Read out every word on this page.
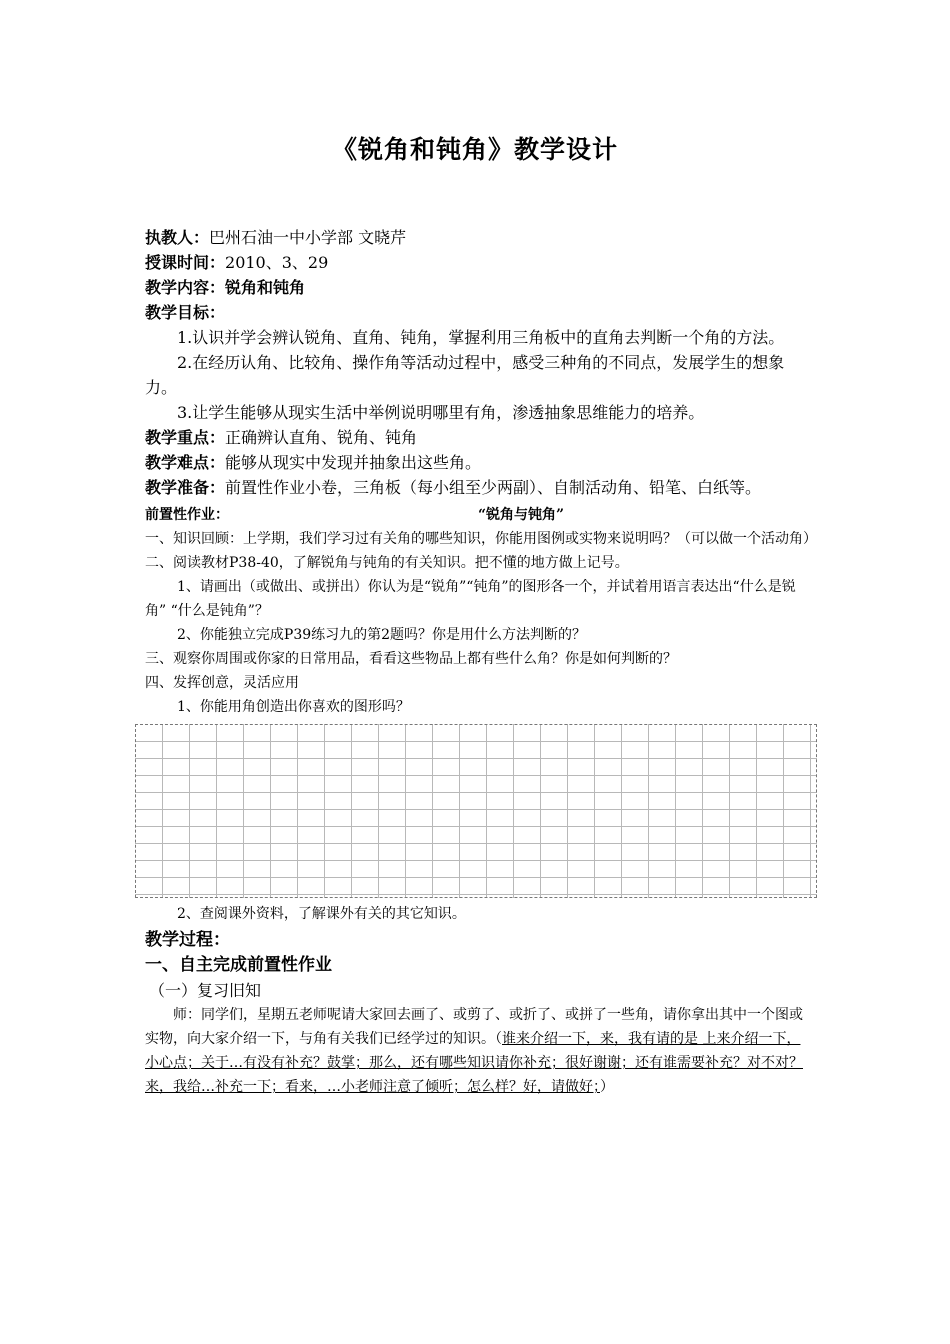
《锐角和钝角》教学设计
执教人：巴州石油一中小学部 文晓芹
授课时间：2010、3、29
教学内容：锐角和钝角
教学目标：
1.认识并学会辨认锐角、直角、钝角，掌握利用三角板中的直角去判断一个角的方法。
2.在经历认角、比较角、操作角等活动过程中，感受三种角的不同点，发展学生的想象力。
3.让学生能够从现实生活中举例说明哪里有角，渗透抽象思维能力的培养。
教学重点：正确辨认直角、锐角、钝角
教学难点：能够从现实中发现并抽象出这些角。
教学准备：前置性作业小卷，三角板（每小组至少两副）、自制活动角、铅笔、白纸等。
前置性作业：	“锐角与钝角”
一、知识回顾：上学期，我们学习过有关角的哪些知识，你能用图例或实物来说明吗？（可以做一个活动角）
二、阅读教材P38-40，了解锐角与钝角的有关知识。把不懂的地方做上记号。
1、请画出（或做出、或拼出）你认为是“锐角”“钝角”的图形各一个，并试着用语言表达出“什么是锐角” “什么是钝角”？
2、你能独立完成P39练习九的第2题吗？你是用什么方法判断的？
三、观察你周围或你家的日常用品，看看这些物品上都有些什么角？你是如何判断的？
四、发挥创意，灵活应用
1、你能用角创造出你喜欢的图形吗？
2、查阅课外资料，了解课外有关的其它知识。
教学过程：
一、自主完成前置性作业
（一）复习旧知
师：同学们，星期五老师呢请大家回去画了、或剪了、或折了、或拼了一些角，请你拿出其中一个图或实物，向大家介绍一下，与角有关我们已经学过的知识。（谁来介绍一下，来，我有请的是 上来介绍一下，小心点；关于…有没有补充？鼓掌；那么，还有哪些知识请你补充；很好谢谢；还有谁需要补充？对不对？来，我给…补充一下；看来，…小老师注意了倾听；怎么样？好，请做好；）
